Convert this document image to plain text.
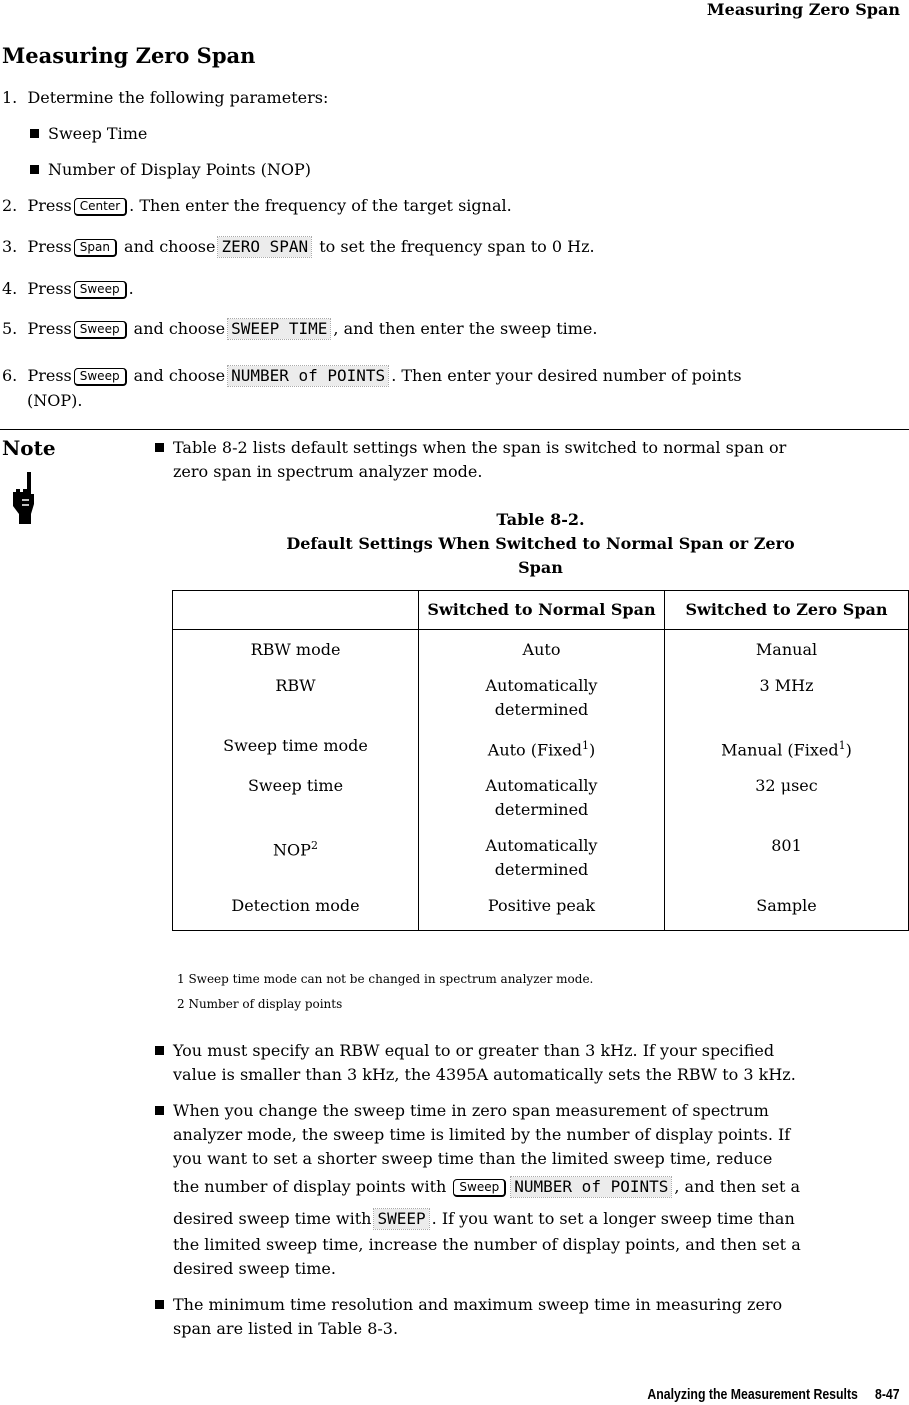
Measuring Zero Span
Measuring Zero Span
1. Determine the following parameters:
Sweep Time
Number of Display Points (NOP)
2. Press Center . Then enter the frequency of the target signal.
3. Press Span and choose ZERO SPAN to set the frequency span to 0 Hz.
4. Press Sweep .
5. Press Sweep and choose SWEEP TIME , and then enter the sweep time.
6. Press Sweep and choose NUMBER of POINTS . Then enter your desired number of points
(NOP).
Note	Table 8-2 lists default settings when the span is switched to normal span or
zero span in spectrum analyzer mode.
Table 8-2.
Default Settings When Switched to Normal Span or Zero
Span
	Switched to Normal Span	Switched to Zero Span
RBW mode	Auto	Manual
RBW	Automatically determined	3 MHz
Sweep time mode	Auto (Fixed$^1$)	Manual (Fixed$^1$)
Sweep time	Automatically determined	32 μsec
NOP$^2$	Automatically determined	801
Detection mode	Positive peak	Sample
1 Sweep time mode can not be changed in spectrum analyzer mode.
2 Number of display points
You must specify an RBW equal to or greater than 3 kHz. If your specified
value is smaller than 3 kHz, the 4395A automatically sets the RBW to 3 kHz.
When you change the sweep time in zero span measurement of spectrum
analyzer mode, the sweep time is limited by the number of display points. If
you want to set a shorter sweep time than the limited sweep time, reduce
the number of display points with Sweep NUMBER of POINTS , and then set a
desired sweep time with SWEEP . If you want to set a longer sweep time than
the limited sweep time, increase the number of display points, and then set a
desired sweep time.
The minimum time resolution and maximum sweep time in measuring zero
span are listed in Table 8-3.
Analyzing the Measurement Results 8-47
